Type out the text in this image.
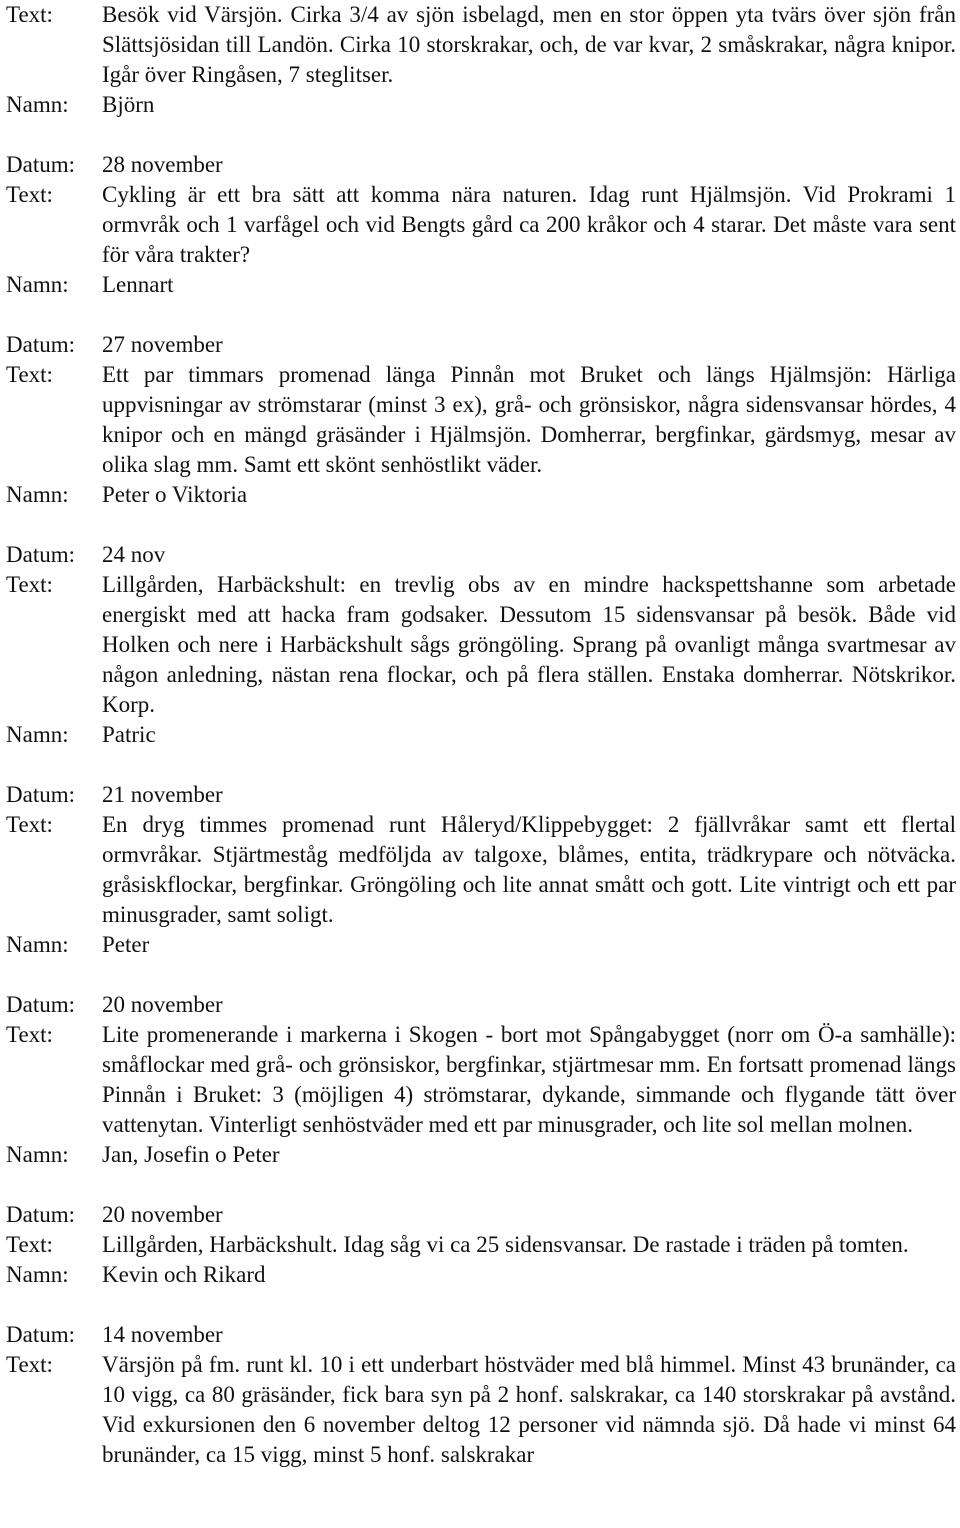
Text:	Besök vid Värsjön. Cirka 3/4 av sjön isbelagd, men en stor öppen yta tvärs över sjön från Slättsjösidan till Landön. Cirka 10 storskrakar, och, de var kvar, 2 småskrakar, några knipor. Igår över Ringåsen, 7 steglitser.
Namn:	Björn
Datum:	28 november
Text:	Cykling är ett bra sätt att komma nära naturen. Idag runt Hjälmsjön. Vid Prokrami 1 ormvråk och 1 varfågel och vid Bengts gård ca 200 kråkor och 4 starar. Det måste vara sent för våra trakter?
Namn:	Lennart
Datum:	27 november
Text:	Ett par timmars promenad länga Pinnån mot Bruket och längs Hjälmsjön: Härliga uppvisningar av strömstarar (minst 3 ex), grå- och grönsiskor, några sidensvansar hördes, 4 knipor och en mängd gräsänder i Hjälmsjön. Domherrar, bergfinkar, gärdsmyg, mesar av olika slag mm. Samt ett skönt senhöstlikt väder.
Namn:	Peter o Viktoria
Datum:	24 nov
Text:	Lillgården, Harbäckshult: en trevlig obs av en mindre hackspettshanne som arbetade energiskt med att hacka fram godsaker. Dessutom 15 sidensvansar på besök. Både vid Holken och nere i Harbäckshult sågs gröngöling. Sprang på ovanligt många svartmesar av någon anledning, nästan rena flockar, och på flera ställen. Enstaka domherrar. Nötskrikor. Korp.
Namn:	Patric
Datum:	21 november
Text:	En dryg timmes promenad runt Håleryd/Klippebygget: 2 fjällvråkar samt ett flertal ormvråkar. Stjärtmeståg medföljda av talgoxe, blåmes, entita, trädkrypare och nötväcka. gråsiskflockar, bergfinkar. Gröngöling och lite annat smått och gott. Lite vintrigt och ett par minusgrader, samt soligt.
Namn:	Peter
Datum:	20 november
Text:	Lite promenerande i markerna i Skogen - bort mot Spångabygget (norr om Ö-a samhälle): småflockar med grå- och grönsiskor, bergfinkar, stjärtmesar mm. En fortsatt promenad längs Pinnån i Bruket: 3 (möjligen 4) strömstarar, dykande, simmande och flygande tätt över vattenytan. Vinterligt senhöstväder med ett par minusgrader, och lite sol mellan molnen.
Namn:	Jan, Josefin o Peter
Datum:	20 november
Text:	Lillgården, Harbäckshult. Idag såg vi ca 25 sidensvansar. De rastade i träden på tomten.
Namn:	Kevin och Rikard
Datum:	14 november
Text:	Värsjön på fm. runt kl. 10 i ett underbart höstväder med blå himmel. Minst 43 brunänder, ca 10 vigg, ca 80 gräsänder, fick bara syn på 2 honf. salskrakar, ca 140 storskrakar på avstånd. Vid exkursionen den 6 november deltog 12 personer vid nämnda sjö. Då hade vi minst 64 brunänder, ca 15 vigg, minst 5 honf. salskrakar
